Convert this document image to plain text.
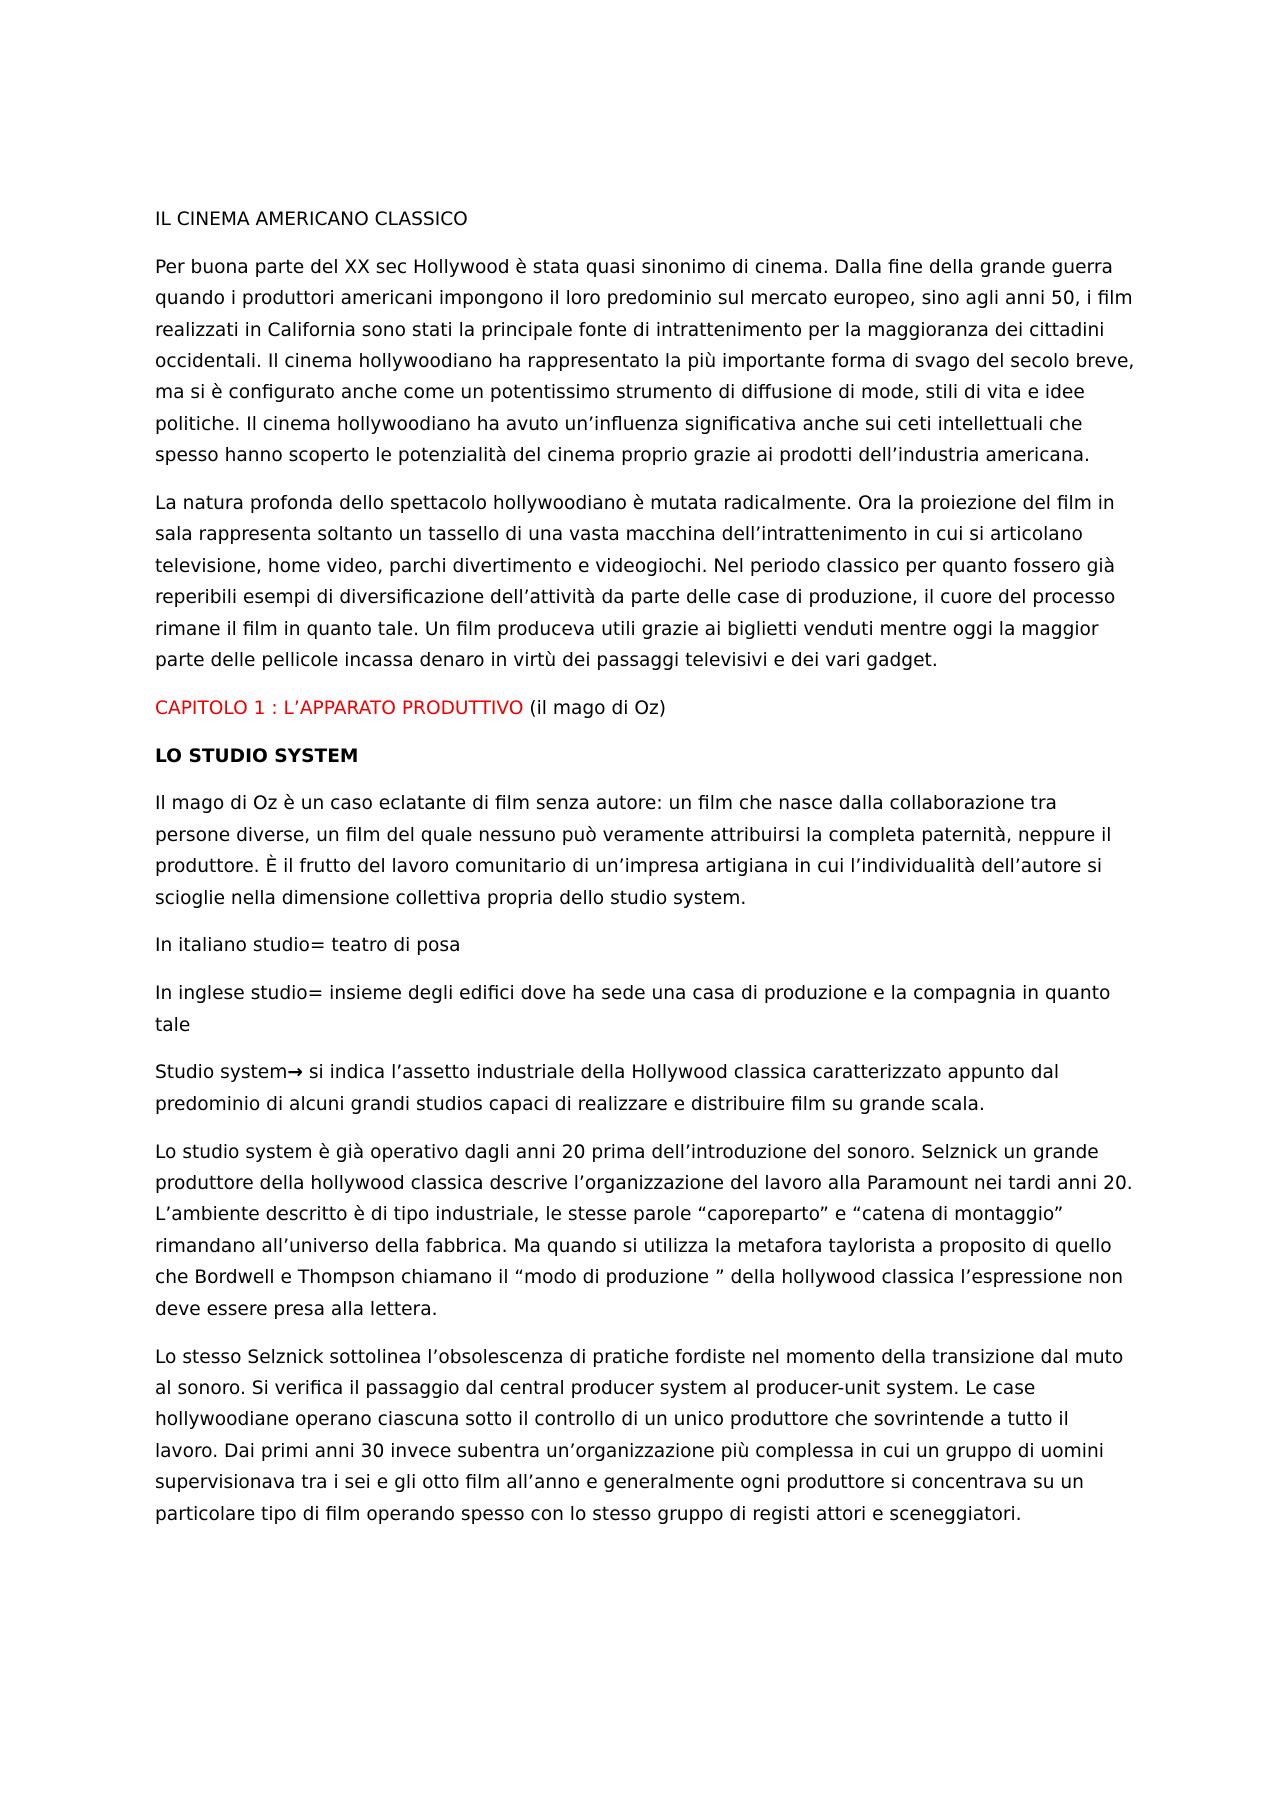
IL CINEMA AMERICANO CLASSICO

Per buona parte del XX sec Hollywood è stata quasi sinonimo di cinema. Dalla fine della grande guerra quando i produttori americani impongono il loro predominio sul mercato europeo, sino agli anni 50, i film realizzati in California sono stati la principale fonte di intrattenimento per la maggioranza dei cittadini occidentali. Il cinema hollywoodiano ha rappresentato la più importante forma di svago del secolo breve, ma si è configurato anche come un potentissimo strumento di diffusione di mode, stili di vita e idee politiche. Il cinema hollywoodiano ha avuto un’influenza significativa anche sui ceti intellettuali che spesso hanno scoperto le potenzialità del cinema proprio grazie ai prodotti dell’industria americana.

La natura profonda dello spettacolo hollywoodiano è mutata radicalmente. Ora la proiezione del film in sala rappresenta soltanto un tassello di una vasta macchina dell’intrattenimento in cui si articolano televisione, home video, parchi divertimento e videogiochi. Nel periodo classico per quanto fossero già reperibili esempi di diversificazione dell’attività da parte delle case di produzione, il cuore del processo rimane il film in quanto tale. Un film produceva utili grazie ai biglietti venduti mentre oggi la maggior parte delle pellicole incassa denaro in virtù dei passaggi televisivi e dei vari gadget.

CAPITOLO 1 : L’APPARATO PRODUTTIVO (il mago di Oz)

LO STUDIO SYSTEM

Il mago di Oz è un caso eclatante di film senza autore: un film che nasce dalla collaborazione tra persone diverse, un film del quale nessuno può veramente attribuirsi la completa paternità, neppure il produttore. È il frutto del lavoro comunitario di un’impresa artigiana in cui l’individualità dell’autore si scioglie nella dimensione collettiva propria dello studio system.

In italiano studio= teatro di posa

In inglese studio= insieme degli edifici dove ha sede una casa di produzione e la compagnia in quanto tale

Studio system→ si indica l’assetto industriale della Hollywood classica caratterizzato appunto dal predominio di alcuni grandi studios capaci di realizzare e distribuire film su grande scala.

Lo studio system è già operativo dagli anni 20 prima dell’introduzione del sonoro. Selznick un grande produttore della hollywood classica descrive l’organizzazione del lavoro alla Paramount nei tardi anni 20. L’ambiente descritto è di tipo industriale, le stesse parole “caporeparto” e “catena di montaggio” rimandano all’universo della fabbrica. Ma quando si utilizza la metafora taylorista a proposito di quello che Bordwell e Thompson chiamano il “modo di produzione ” della hollywood classica l’espressione non deve essere presa alla lettera.

Lo stesso Selznick sottolinea l’obsolescenza di pratiche fordiste nel momento della transizione dal muto al sonoro. Si verifica il passaggio dal central producer system al producer-unit system. Le case hollywoodiane operano ciascuna sotto il controllo di un unico produttore che sovrintende a tutto il lavoro. Dai primi anni 30 invece subentra un’organizzazione più complessa in cui un gruppo di uomini supervisionava tra i sei e gli otto film all’anno e generalmente ogni produttore si concentrava su un particolare tipo di film operando spesso con lo stesso gruppo di registi attori e sceneggiatori.
